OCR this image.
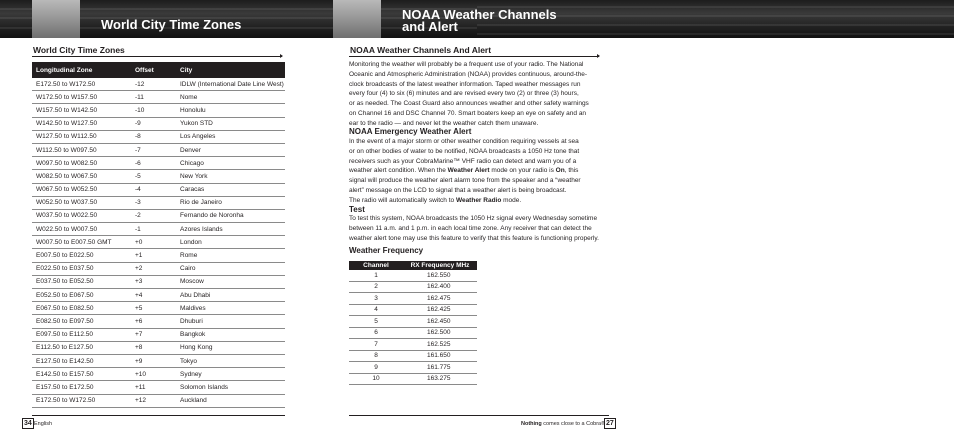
VHF Marine Radio Protocols
World City Time Zones
World City Time Zones
Longitudinal Zone	Offset	City
E172.50 to W172.50	-12	IDLW (International Date Line West)
W172.50 to W157.50	-11	Nome
W157.50 to W142.50	-10	Honolulu
W142.50 to W127.50	-9	Yukon STD
W127.50 to W112.50	-8	Los Angeles
W112.50 to W097.50	-7	Denver
W097.50 to W082.50	-6	Chicago
W082.50 to W067.50	-5	New York
W067.50 to W052.50	-4	Caracas
W052.50 to W037.50	-3	Rio de Janeiro
W037.50 to W022.50	-2	Fernando de Noronha
W022.50 to W007.50	-1	Azores Islands
W007.50 to E007.50 GMT	+0	London
E007.50 to E022.50	+1	Rome
E022.50 to E037.50	+2	Cairo
E037.50 to E052.50	+3	Moscow
E052.50 to E067.50	+4	Abu Dhabi
E067.50 to E082.50	+5	Maldives
E082.50 to E097.50	+6	Dhuburi
E097.50 to E112.50	+7	Bangkok
E112.50 to E127.50	+8	Hong Kong
E127.50 to E142.50	+9	Tokyo
E142.50 to E157.50	+10	Sydney
E157.50 to E172.50	+11	Solomon Islands
E172.50 to W172.50	+12	Auckland
34 English
VHF Marine Radio Protocols
NOAA Weather Channels
and Alert
NOAA Weather Channels And Alert
Monitoring the weather will probably be a frequent use of your radio. The National
Oceanic and Atmospheric Administration (NOAA) provides continuous, around-the-
clock broadcasts of the latest weather information. Taped weather messages run
every four (4) to six (6) minutes and are revised every two (2) or three (3) hours,
or as needed. The Coast Guard also announces weather and other safety warnings
on Channel 16 and DSC Channel 70. Smart boaters keep an eye on safety and an
ear to the radio — and never let the weather catch them unaware.
NOAA Emergency Weather Alert
In the event of a major storm or other weather condition requiring vessels at sea
or on other bodies of water to be notified, NOAA broadcasts a 1050 Hz tone that
receivers such as your CobraMarine™ VHF radio can detect and warn you of a
weather alert condition. When the Weather Alert mode on your radio is On, this
signal will produce the weather alert alarm tone from the speaker and a “weather
alert” message on the LCD to signal that a weather alert is being broadcast.
The radio will automatically switch to Weather Radio mode.
Test
To test this system, NOAA broadcasts the 1050 Hz signal every Wednesday sometime
between 11 a.m. and 1 p.m. in each local time zone. Any receiver that can detect the
weather alert tone may use this feature to verify that this feature is functioning properly.
Weather Frequency
Nothing comes close to a Cobra® 27
Channel	RX Frequency MHz
1	162.550
2	162.400
3	162.475
4	162.425
5	162.450
6	162.500
7	162.525
8	161.650
9	161.775
10	163.275
